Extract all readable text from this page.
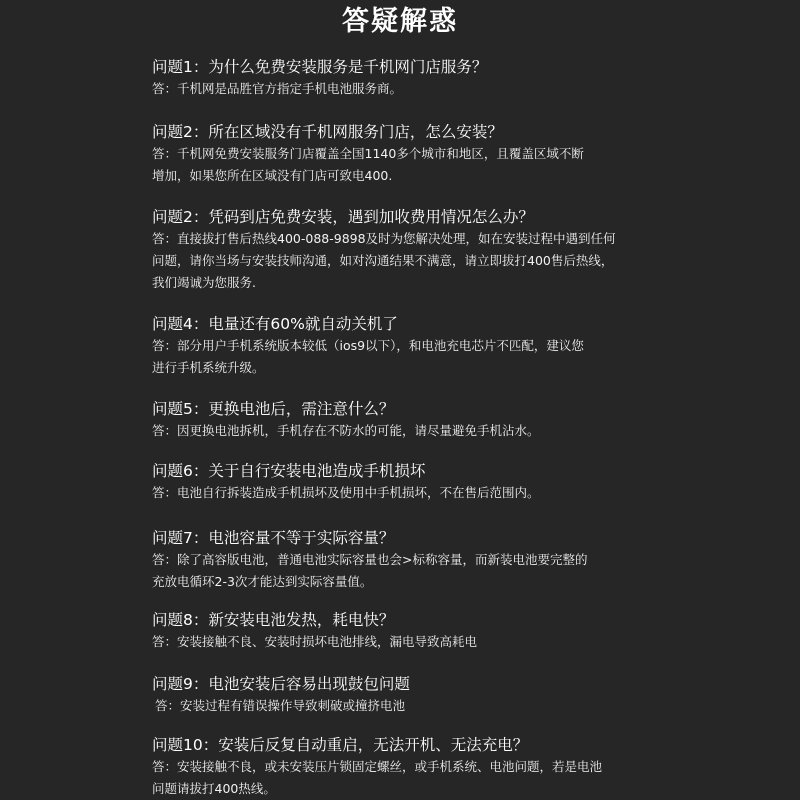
答疑解惑
问题1：为什么免费安装服务是千机网门店服务？
答：千机网是品胜官方指定手机电池服务商。
问题2：所在区域没有千机网服务门店，怎么安装？
答：千机网免费安装服务门店覆盖全国1140多个城市和地区，且覆盖区域不断
增加，如果您所在区域没有门店可致电400.
问题2：凭码到店免费安装，遇到加收费用情况怎么办？
答：直接拔打售后热线400-088-9898及时为您解决处理，如在安装过程中遇到任何
问题，请你当场与安装技师沟通，如对沟通结果不满意，请立即拔打400售后热线，
我们竭诚为您服务.
问题4：电量还有60%就自动关机了
答：部分用户手机系统版本较低（ios9以下），和电池充电芯片不匹配，建议您
进行手机系统升级。
问题5：更换电池后，需注意什么？
答：因更换电池拆机，手机存在不防水的可能，请尽量避免手机沾水。
问题6：关于自行安装电池造成手机损坏
答：电池自行拆装造成手机损坏及使用中手机损坏，不在售后范围内。
问题7：电池容量不等于实际容量？
答：除了高容版电池，普通电池实际容量也会>标称容量，而新装电池要完整的
充放电循环2-3次才能达到实际容量值。
问题8：新安装电池发热，耗电快？
答：安装接触不良、安装时损坏电池排线，漏电导致高耗电
问题9：电池安装后容易出现鼓包问题
答：安装过程有错误操作导致刺破或撞挤电池
问题10：安装后反复自动重启，无法开机、无法充电？
答：安装接触不良，或未安装压片锁固定螺丝，或手机系统、电池问题，若是电池
问题请拔打400热线。
